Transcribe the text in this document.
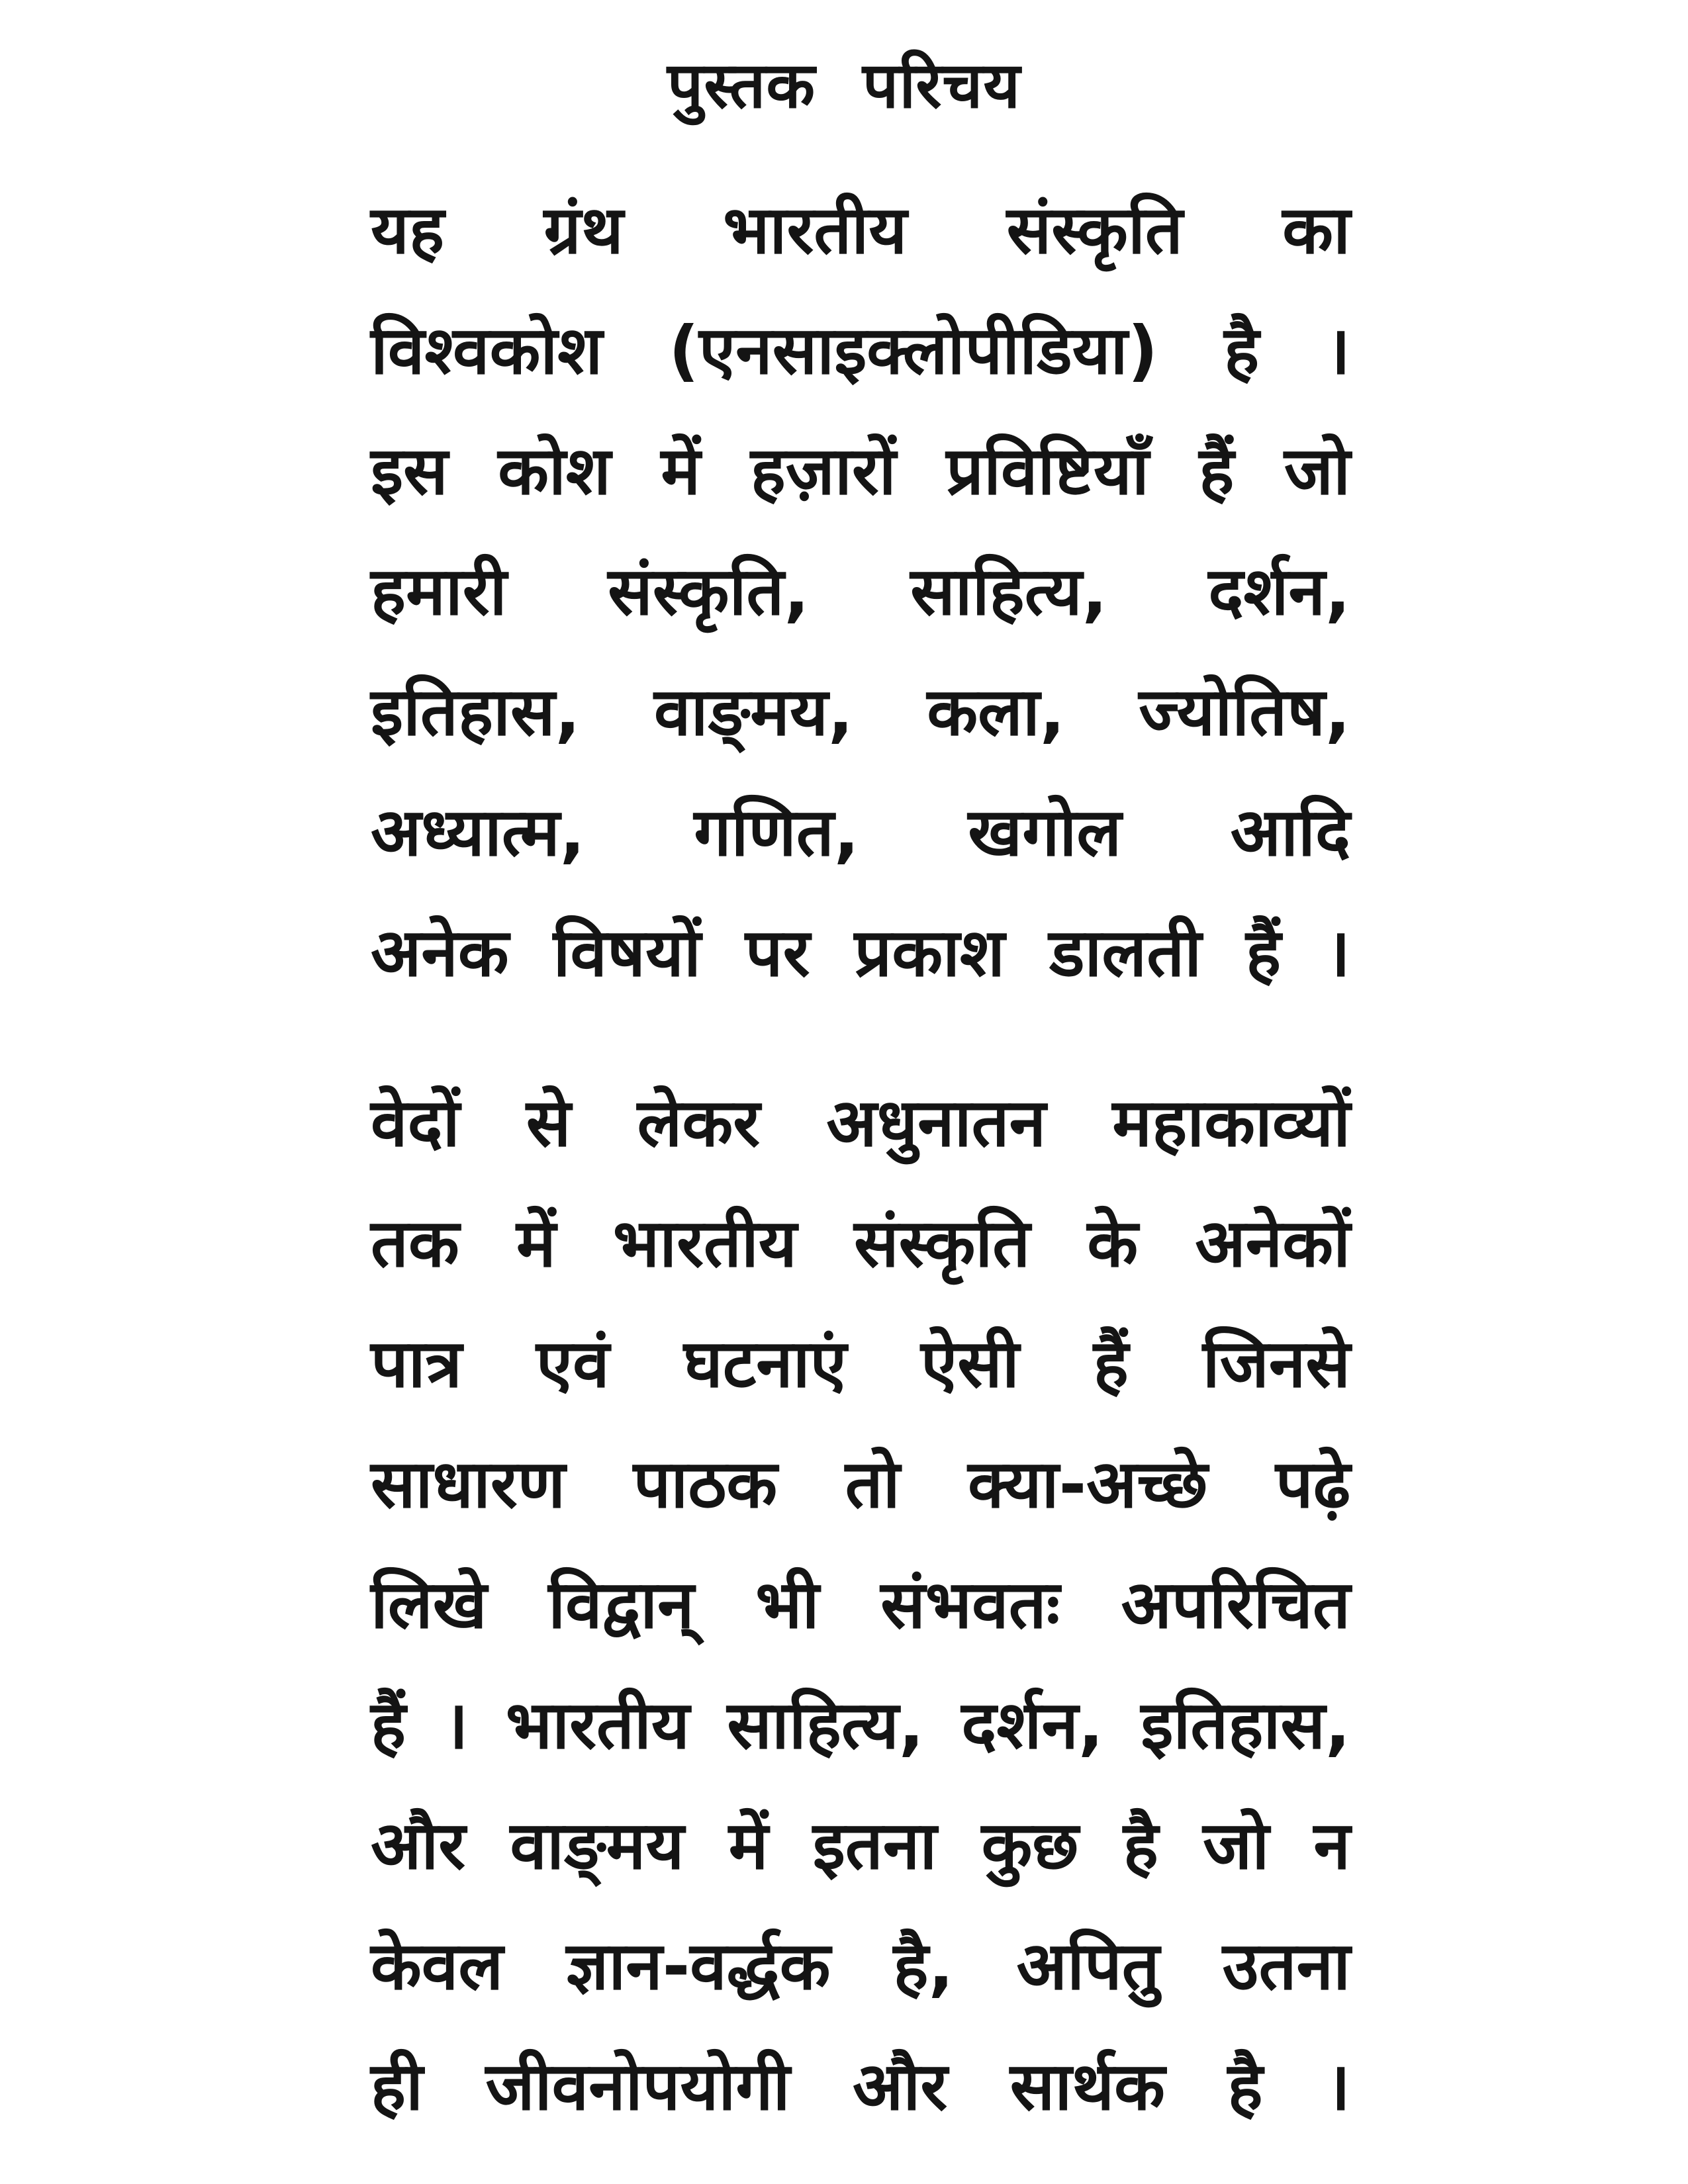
पुस्तक परिचय
यह ग्रंथ भारतीय संस्कृति का
विश्वकोश (एनसाइक्लोपीडिया) है ।
इस कोश में हज़ारों प्रविष्टियाँ हैं जो
हमारी संस्कृति, साहित्य, दर्शन,
इतिहास, वाङ्‌मय, कला, ज्योतिष,
अध्यात्म, गणित, खगोल आदि
अनेक विषयों पर प्रकाश डालती हैं ।
वेदों से लेकर अधुनातन महाकाव्यों
तक में भारतीय संस्कृति के अनेकों
पात्र एवं घटनाएं ऐसी हैं जिनसे
साधारण पाठक तो क्या-अच्छे पढ़े
लिखे विद्वान् भी संभवतः अपरिचित
हैं । भारतीय साहित्य, दर्शन, इतिहास,
और वाङ्‌मय में इतना कुछ है जो न
केवल ज्ञान-वर्द्धक है, अपितु उतना
ही जीवनोपयोगी और सार्थक है ।
